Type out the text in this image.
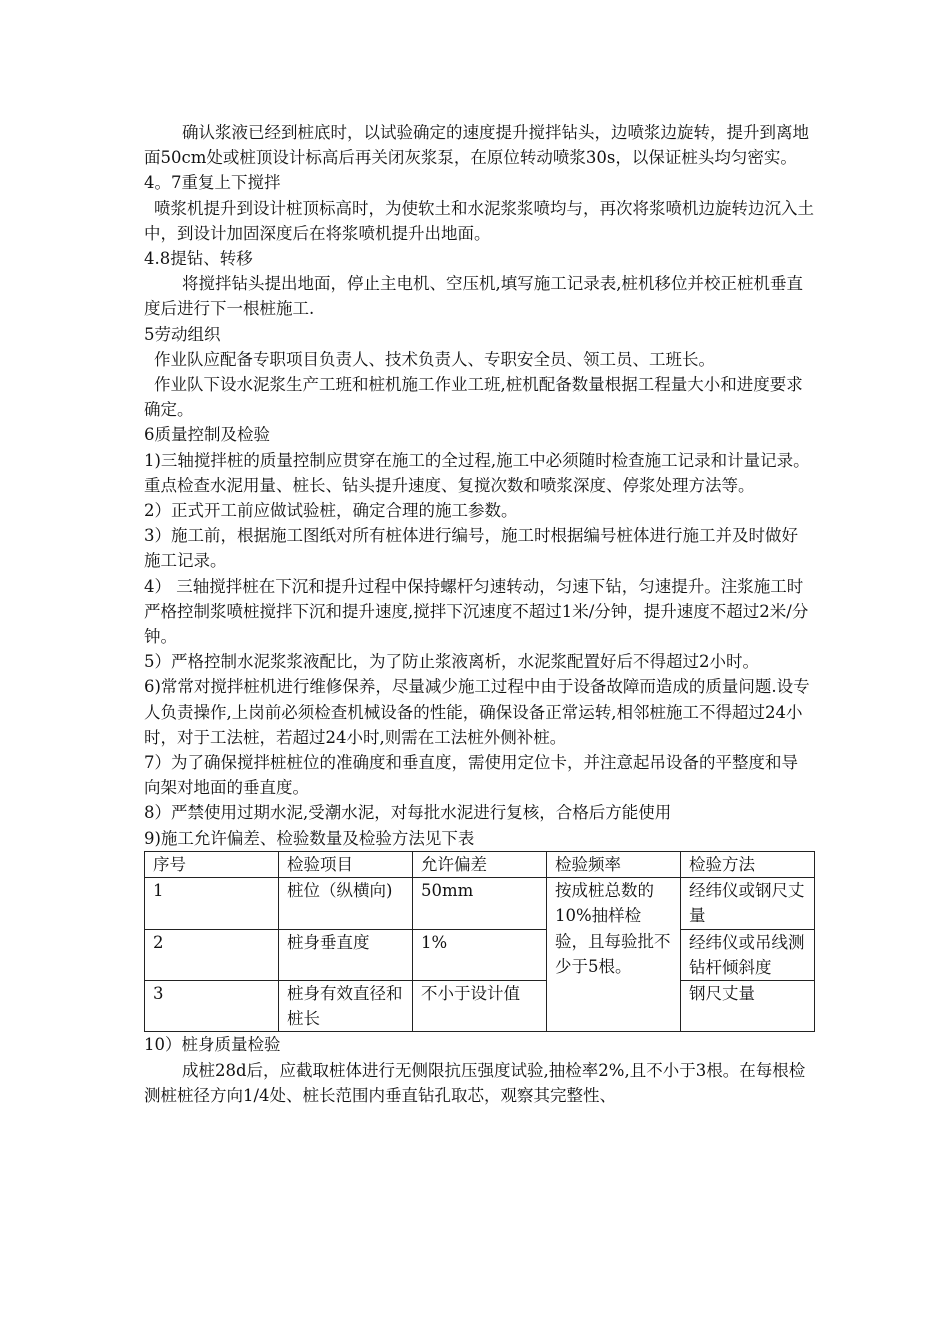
确认浆液已经到桩底时，以试验确定的速度提升搅拌钻头，边喷浆边旋转，提升到离地面50cm处或桩顶设计标高后再关闭灰浆泵，在原位转动喷浆30s，以保证桩头均匀密实。

4。7重复上下搅拌

喷浆机提升到设计桩顶标高时，为使软土和水泥浆浆喷均与，再次将浆喷机边旋转边沉入土中，到设计加固深度后在将浆喷机提升出地面。

4.8提钻、转移

将搅拌钻头提出地面，停止主电机、空压机,填写施工记录表,桩机移位并校正桩机垂直度后进行下一根桩施工.

5劳动组织

作业队应配备专职项目负责人、技术负责人、专职安全员、领工员、工班长。

作业队下设水泥浆生产工班和桩机施工作业工班,桩机配备数量根据工程量大小和进度要求确定。

6质量控制及检验

1)三轴搅拌桩的质量控制应贯穿在施工的全过程,施工中必须随时检查施工记录和计量记录。重点检查水泥用量、桩长、钻头提升速度、复搅次数和喷浆深度、停浆处理方法等。

2）正式开工前应做试验桩，确定合理的施工参数。

3）施工前，根据施工图纸对所有桩体进行编号，施工时根据编号桩体进行施工并及时做好施工记录。

4） 三轴搅拌桩在下沉和提升过程中保持螺杆匀速转动，匀速下钻，匀速提升。注浆施工时严格控制浆喷桩搅拌下沉和提升速度,搅拌下沉速度不超过1米/分钟，提升速度不超过2米/分钟。

5）严格控制水泥浆浆液配比，为了防止浆液离析，水泥浆配置好后不得超过2小时。

6)常常对搅拌桩机进行维修保养，尽量减少施工过程中由于设备故障而造成的质量问题.设专人负责操作,上岗前必须检查机械设备的性能，确保设备正常运转,相邻桩施工不得超过24小时，对于工法桩，若超过24小时,则需在工法桩外侧补桩。

7）为了确保搅拌桩桩位的准确度和垂直度，需使用定位卡，并注意起吊设备的平整度和导向架对地面的垂直度。

8）严禁使用过期水泥,受潮水泥，对每批水泥进行复核，合格后方能使用

9)施工允许偏差、检验数量及检验方法见下表

序号	检验项目	允许偏差	检验频率	检验方法
1	桩位（纵横向)	50mm	按成桩总数的10%抽样检验，且每验批不少于5根。	经纬仪或钢尺丈量
2	桩身垂直度	1%		经纬仪或吊线测钻杆倾斜度
3	桩身有效直径和桩长	不小于设计值		钢尺丈量

10）桩身质量检验

成桩28d后，应截取桩体进行无侧限抗压强度试验,抽检率2%,且不小于3根。在每根检测桩桩径方向1/4处、桩长范围内垂直钻孔取芯，观察其完整性、
